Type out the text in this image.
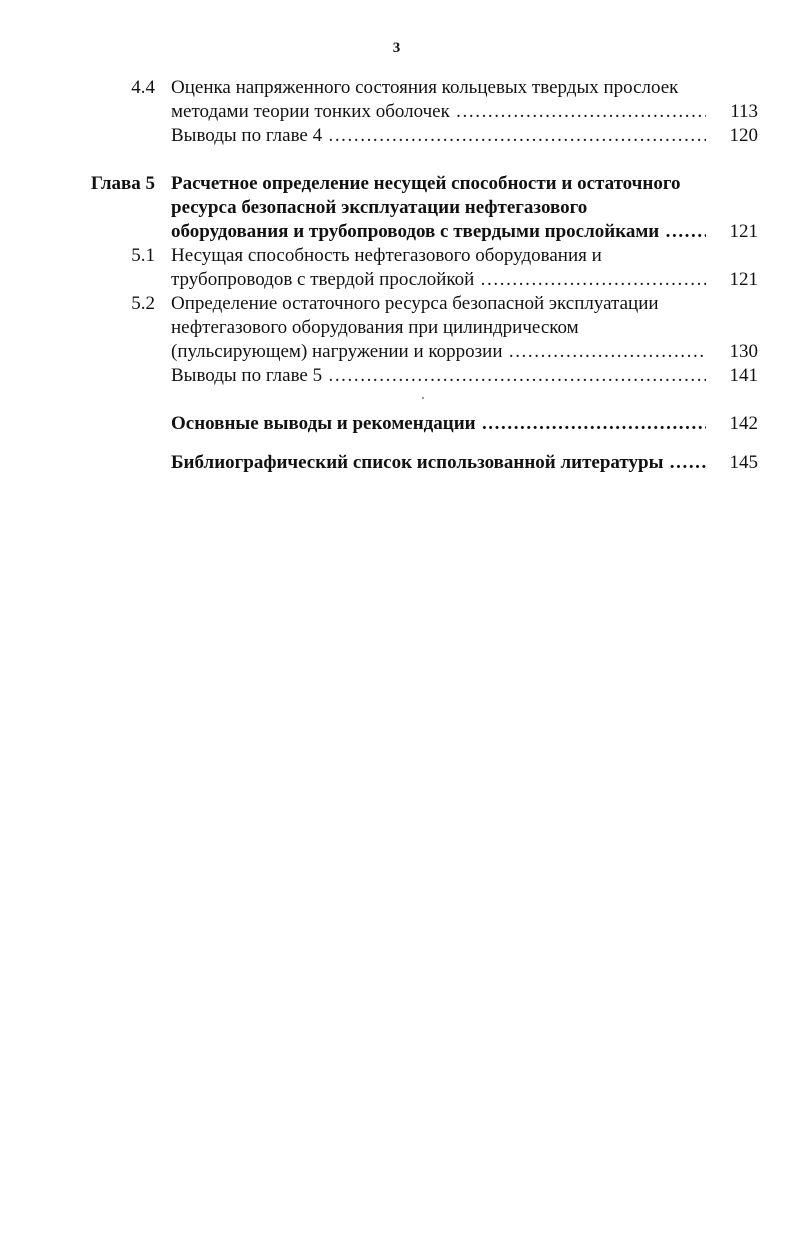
3
4.4 Оценка напряженного состояния кольцевых твердых прослоек
методами теории тонких оболочек .....	113
Выводы по главе 4 .....	120
Глава 5 Расчетное определение несущей способности и остаточного
ресурса безопасной эксплуатации нефтегазового
оборудования и трубопроводов с твердыми прослойками .....	121
5.1 Несущая способность нефтегазового оборудования и
трубопроводов с твердой прослойкой .....	121
5.2 Определение остаточного ресурса безопасной эксплуатации
нефтегазового оборудования при цилиндрическом
(пульсирующем) нагружении и коррозии .....	130
Выводы по главе 5 .....	141
Основные выводы и рекомендации .....	142
Библиографический список использованной литературы .....	145
